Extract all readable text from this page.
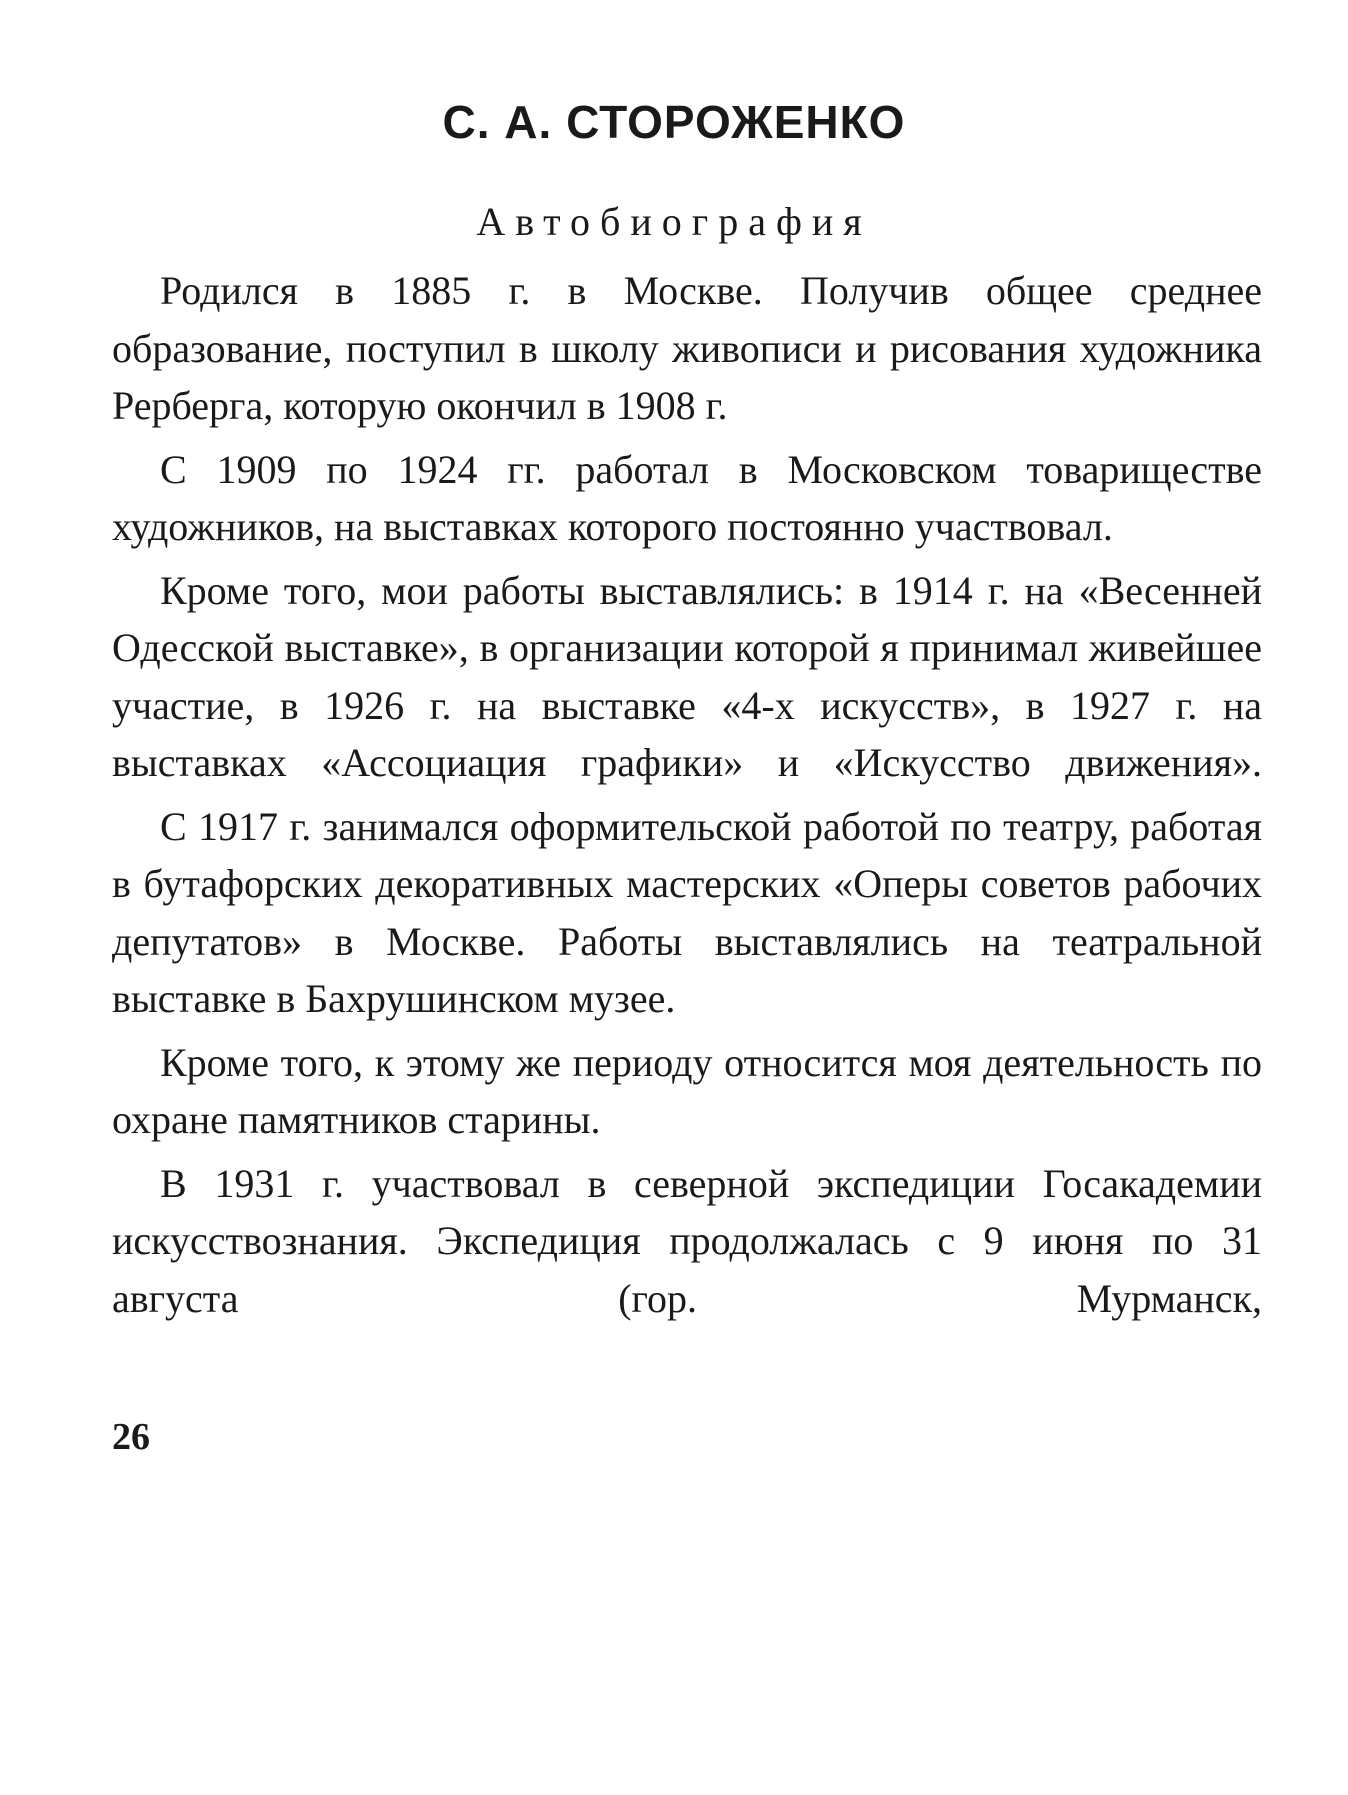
С. А. СТОРОЖЕНКО
Автобиография

Родился в 1885 г. в Москве. Получив общее среднее образование, поступил в школу живописи и рисования художника Рерберга, которую окончил в 1908 г.

С 1909 по 1924 гг. работал в Московском товариществе художников, на выставках которого постоянно участвовал.

Кроме того, мои работы выставлялись: в 1914 г. на «Весенней Одесской выставке», в организации которой я принимал живейшее участие, в 1926 г. на выставке «4-х искусств», в 1927 г. на выставках «Ассоциация графики» и «Искусство движения».

С 1917 г. занимался оформительской работой по театру, работая в бутафорских декоративных мастерских «Оперы советов рабочих депутатов» в Москве. Работы выставлялись на театральной выставке в Бахрушинском музее.

Кроме того, к этому же периоду относится моя деятельность по охране памятников старины.

В 1931 г. участвовал в северной экспедиции Госакадемии искусствознания. Экспедиция продолжалась с 9 июня по 31 августа (гор. Мурманск,

26
